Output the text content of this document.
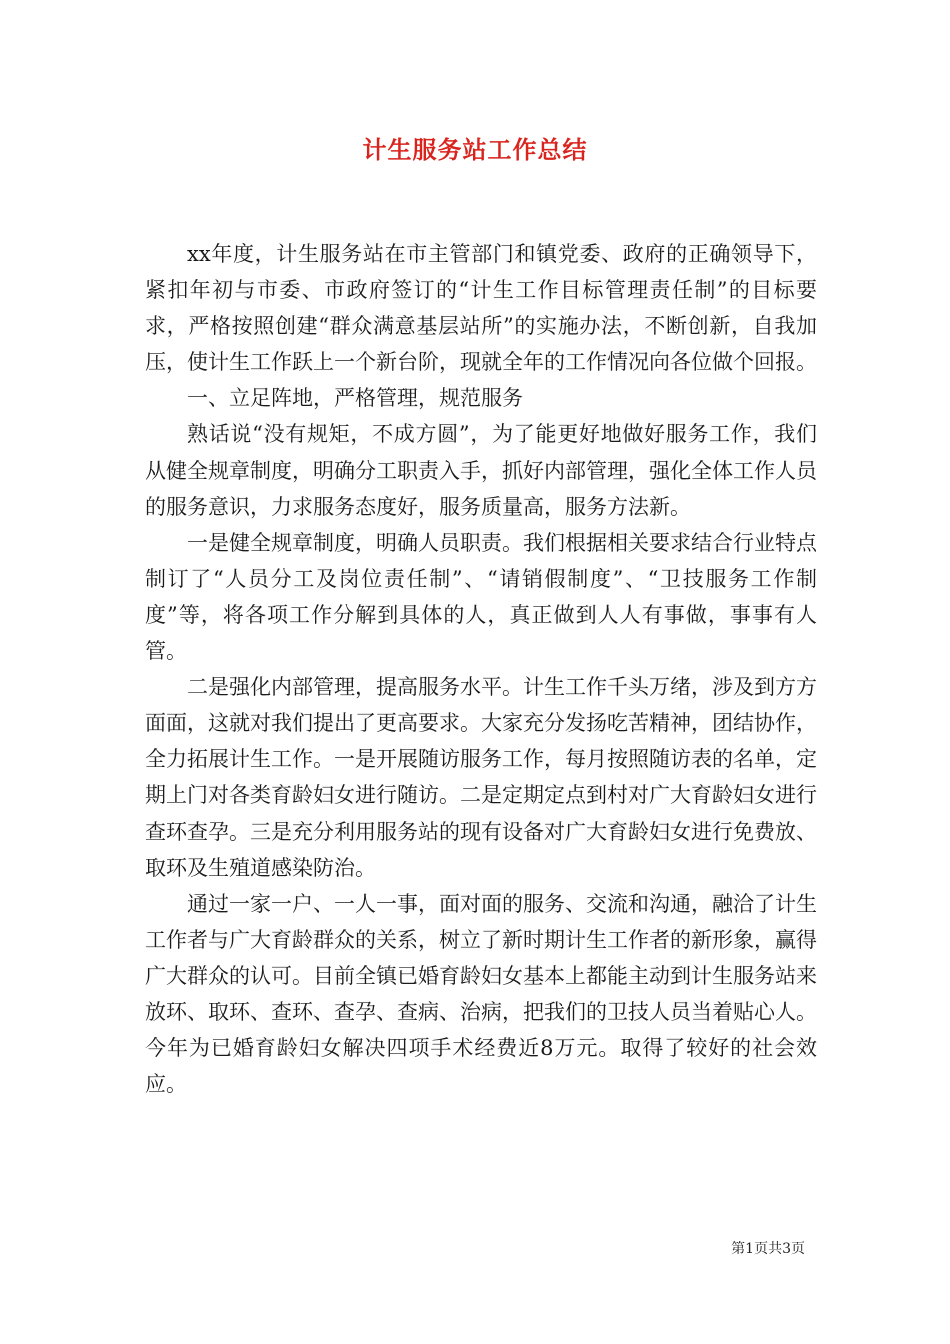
计生服务站工作总结

xx年度，计生服务站在市主管部门和镇党委、政府的正确领导下，紧扣年初与市委、市政府签订的“计生工作目标管理责任制”的目标要求，严格按照创建“群众满意基层站所”的实施办法，不断创新，自我加压，使计生工作跃上一个新台阶，现就全年的工作情况向各位做个回报。

一、立足阵地，严格管理，规范服务

熟话说“没有规矩，不成方圆”，为了能更好地做好服务工作，我们从健全规章制度，明确分工职责入手，抓好内部管理，强化全体工作人员的服务意识，力求服务态度好，服务质量高，服务方法新。

一是健全规章制度，明确人员职责。我们根据相关要求结合行业特点制订了“人员分工及岗位责任制”、“请销假制度”、“卫技服务工作制度”等，将各项工作分解到具体的人，真正做到人人有事做，事事有人管。

二是强化内部管理，提高服务水平。计生工作千头万绪，涉及到方方面面，这就对我们提出了更高要求。大家充分发扬吃苦精神，团结协作，全力拓展计生工作。一是开展随访服务工作，每月按照随访表的名单，定期上门对各类育龄妇女进行随访。二是定期定点到村对广大育龄妇女进行查环查孕。三是充分利用服务站的现有设备对广大育龄妇女进行免费放、取环及生殖道感染防治。

通过一家一户、一人一事，面对面的服务、交流和沟通，融洽了计生工作者与广大育龄群众的关系，树立了新时期计生工作者的新形象，赢得广大群众的认可。目前全镇已婚育龄妇女基本上都能主动到计生服务站来放环、取环、查环、查孕、查病、治病，把我们的卫技人员当着贴心人。今年为已婚育龄妇女解决四项手术经费近8万元。取得了较好的社会效应。

第1页共3页
